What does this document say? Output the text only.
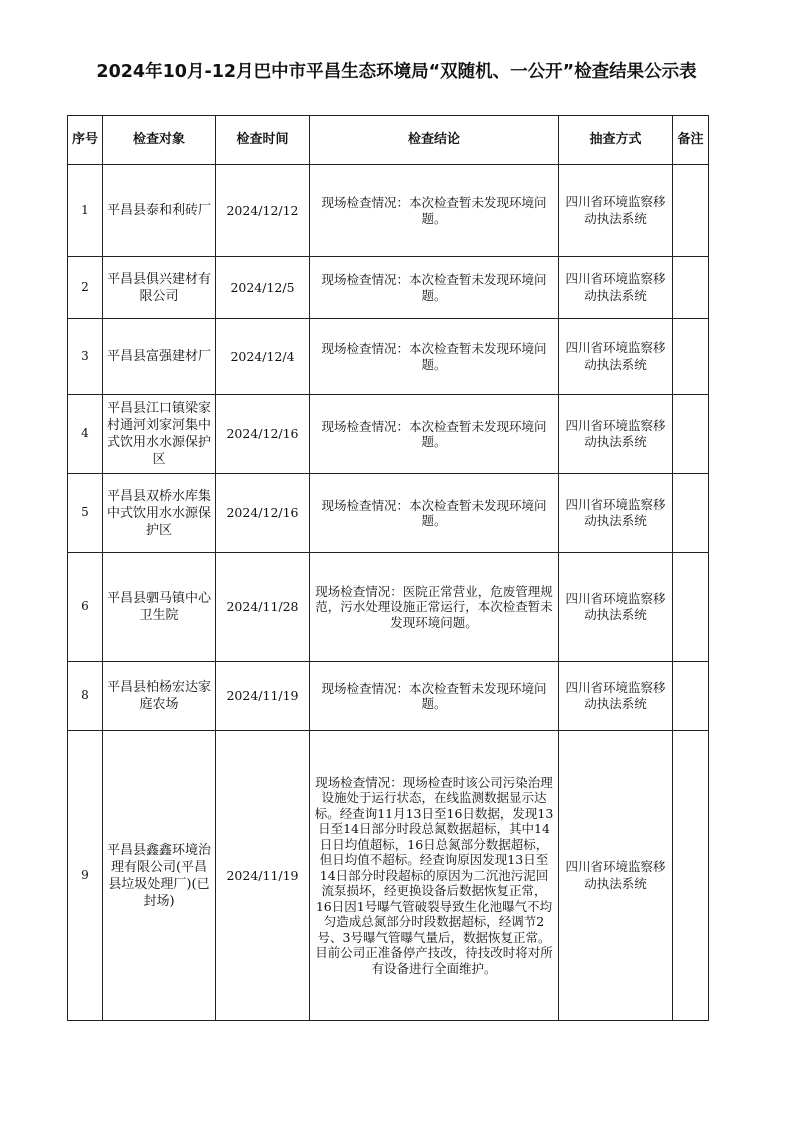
2024年10月-12月巴中市平昌生态环境局“双随机、一公开”检查结果公示表
序号	检查对象	检查时间	检查结论	抽查方式	备注
1	平昌县泰和利砖厂	2024/12/12	现场检查情况：本次检查暂未发现环境问题。	四川省环境监察移动执法系统	
2	平昌县俱兴建材有限公司	2024/12/5	现场检查情况：本次检查暂未发现环境问题。	四川省环境监察移动执法系统	
3	平昌县富强建材厂	2024/12/4	现场检查情况：本次检查暂未发现环境问题。	四川省环境监察移动执法系统	
4	平昌县江口镇梁家村通河刘家河集中式饮用水水源保护区	2024/12/16	现场检查情况：本次检查暂未发现环境问题。	四川省环境监察移动执法系统	
5	平昌县双桥水库集中式饮用水水源保护区	2024/12/16	现场检查情况：本次检查暂未发现环境问题。	四川省环境监察移动执法系统	
6	平昌县驷马镇中心卫生院	2024/11/28	现场检查情况：医院正常营业，危废管理规范，污水处理设施正常运行，本次检查暂未发现环境问题。	四川省环境监察移动执法系统	
8	平昌县柏杨宏达家庭农场	2024/11/19	现场检查情况：本次检查暂未发现环境问题。	四川省环境监察移动执法系统	
9	平昌县鑫鑫环境治理有限公司(平昌县垃圾处理厂)(已封场)	2024/11/19	现场检查情况：现场检查时该公司污染治理设施处于运行状态，在线监测数据显示达标。经查询11月13日至16日数据，发现13日至14日部分时段总氮数据超标，其中14日日均值超标，16日总氮部分数据超标，但日均值不超标。经查询原因发现13日至14日部分时段超标的原因为二沉池污泥回流泵损坏，经更换设备后数据恢复正常，16日因1号曝气管破裂导致生化池曝气不均匀造成总氮部分时段数据超标，经调节2号、3号曝气管曝气量后，数据恢复正常。目前公司正准备停产技改，待技改时将对所有设备进行全面维护。	四川省环境监察移动执法系统	
